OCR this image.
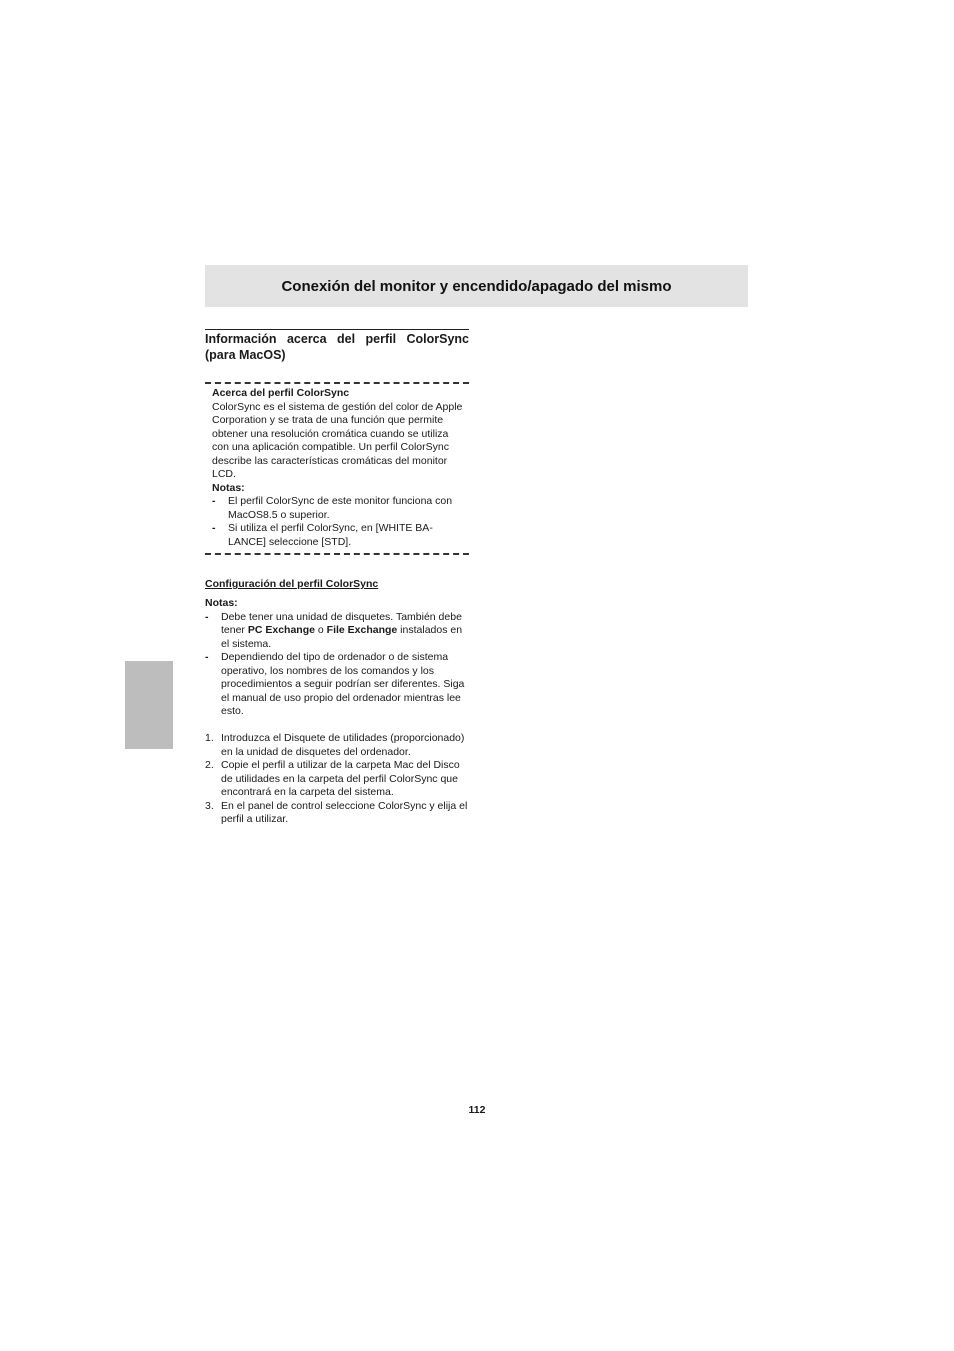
Conexión del monitor y encendido/apagado del mismo
Información acerca del perfil ColorSync (para MacOS)
Acerca del perfil ColorSync
ColorSync es el sistema de gestión del color de Apple Corporation y se trata de una función que permite obtener una resolución cromática cuando se utiliza con una aplicación compatible. Un perfil ColorSync describe las características cromáticas del monitor LCD.
Notas:
- El perfil ColorSync de este monitor funciona con MacOS8.5 o superior.
- Si utiliza el perfil ColorSync, en [WHITE BA-LANCE] seleccione [STD].
Configuración del perfil ColorSync
Notas:
- Debe tener una unidad de disquetes. También debe tener PC Exchange o File Exchange instalados en el sistema.
- Dependiendo del tipo de ordenador o de sistema operativo, los nombres de los comandos y los procedimientos a seguir podrían ser diferentes. Siga el manual de uso propio del ordenador mientras lee esto.
1. Introduzca el Disquete de utilidades (proporcionado) en la unidad de disquetes del ordenador.
2. Copie el perfil a utilizar de la carpeta Mac del Disco de utilidades en la carpeta del perfil ColorSync que encontrará en la carpeta del sistema.
3. En el panel de control seleccione ColorSync y elija el perfil a utilizar.
112
